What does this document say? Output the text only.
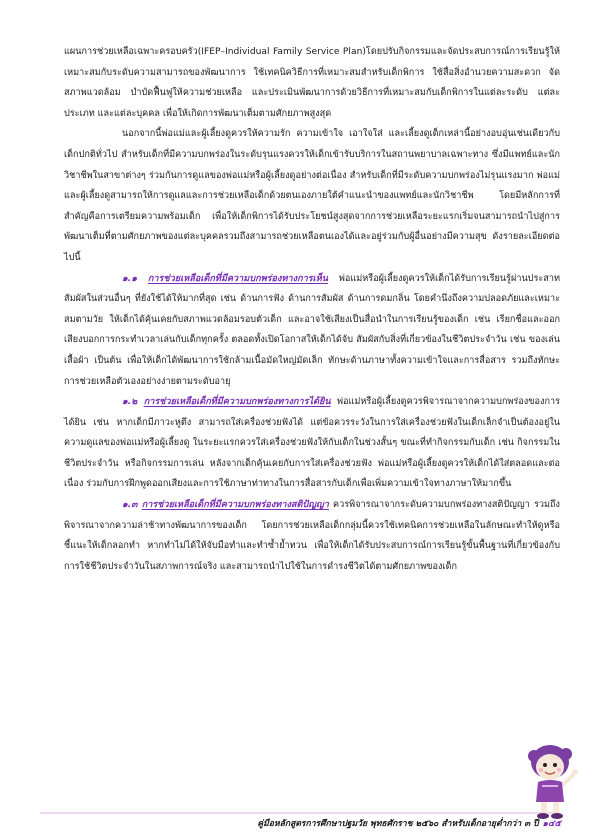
แผนการช่วยเหลือเฉพาะครอบครัว(IFEP–Individual Family Service Plan)โดยปรับกิจกรรมและจัดประสบการณ์การเรียนรู้ให้เหมาะสมกับระดับความสามารถของพัฒนาการ ใช้เทคนิควิธีการที่เหมาะสมสำหรับเด็กพิการ ใช้สื่อสิ่งอำนวยความสะดวก จัดสภาพแวดล้อม บำบัดฟื้นฟูให้ความช่วยเหลือ และประเมินพัฒนาการด้วยวิธีการที่เหมาะสมกับเด็กพิการในแต่ละระดับ แต่ละประเภท และแต่ละบุคคล เพื่อให้เกิดการพัฒนาเต็มตามศักยภาพสูงสุด

นอกจากนี้พ่อแม่และผู้เลี้ยงดูควรให้ความรัก ความเข้าใจ เอาใจใส่ และเลี้ยงดูเด็กเหล่านี้อย่างอบอุ่นเช่นเดียวกับเด็กปกติทั่วไป สำหรับเด็กที่มีความบกพร่องในระดับรุนแรงควรให้เด็กเข้ารับบริการในสถานพยาบาลเฉพาะทาง ซึ่งมีแพทย์และนักวิชาชีพในสาขาต่างๆ ร่วมกันการดูแลของพ่อแม่หรือผู้เลี้ยงดูอย่างต่อเนื่อง สำหรับเด็กที่มีระดับความบกพร่องไม่รุนแรงมาก พ่อแม่และผู้เลี้ยงดูสามารถให้การดูแลและการช่วยเหลือเด็กด้วยตนเองภายใต้คำแนะนำของแพทย์และนักวิชาชีพ โดยมีหลักการที่สำคัญคือการเตรียมความพร้อมเด็ก เพื่อให้เด็กพิการได้รับประโยชน์สูงสุดจากการช่วยเหลือระยะแรกเริ่มจนสามารถนำไปสู่การพัฒนาเต็มที่ตามศักยภาพของแต่ละบุคคลรวมถึงสามารถช่วยเหลือตนเองได้และอยู่ร่วมกับผู้อื่นอย่างมีความสุข ดังรายละเอียดต่อไปนี้

๑.๑ การช่วยเหลือเด็กที่มีความบกพร่องทางการเห็น พ่อแม่หรือผู้เลี้ยงดูควรให้เด็กได้รับการเรียนรู้ผ่านประสาทสัมผัสในส่วนอื่นๆ ที่ยังใช้ได้ให้มากที่สุด เช่น ด้านการฟัง ด้านการสัมผัส ด้านการดมกลิ่น โดยคำนึงถึงความปลอดภัยและเหมาะสมตามวัย ให้เด็กได้คุ้นเคยกับสภาพแวดล้อมรอบตัวเด็ก และอาจใช้เสียงเป็นสื่อนำในการเรียนรู้ของเด็ก เช่น เรียกชื่อและออกเสียงบอกการกระทำเวลาเล่นกับเด็กทุกครั้ง ตลอดทั้งเปิดโอกาสให้เด็กได้จับ สัมผัสกับสิ่งที่เกี่ยวข้องในชีวิตประจำวัน เช่น ของเล่น เสื้อผ้า เป็นต้น เพื่อให้เด็กได้พัฒนาการใช้กล้ามเนื้อมัดใหญ่มัดเล็ก ทักษะด้านภาษาทั้งความเข้าใจและการสื่อสาร รวมถึงทักษะการช่วยเหลือตัวเองอย่างง่ายตามระดับอายุ

๑.๒ การช่วยเหลือเด็กที่มีความบกพร่องทางการได้ยิน พ่อแม่หรือผู้เลี้ยงดูควรพิจารณาจากความบกพร่องของการได้ยิน เช่น หากเด็กมีภาวะหูตึง สามารถใส่เครื่องช่วยฟังได้ แต่ข้อควรระวังในการใส่เครื่องช่วยฟังในเด็กเล็กจำเป็นต้องอยู่ในความดูแลของพ่อแม่หรือผู้เลี้ยงดู ในระยะแรกควรใส่เครื่องช่วยฟังให้กับเด็กในช่วงสั้นๆ ขณะที่ทำกิจกรรมกับเด็ก เช่น กิจกรรมในชีวิตประจำวัน หรือกิจกรรมการเล่น หลังจากเด็กคุ้นเคยกับการใส่เครื่องช่วยฟัง พ่อแม่หรือผู้เลี้ยงดูควรให้เด็กได้ใส่ตลอดและต่อเนื่อง ร่วมกับการฝึกพูดออกเสียงและการใช้ภาษาท่าทางในการสื่อสารกับเด็กเพื่อเพิ่มความเข้าใจทางภาษาให้มากขึ้น

๑.๓ การช่วยเหลือเด็กที่มีความบกพร่องทางสติปัญญา ควรพิจารณาจากระดับความบกพร่องทางสติปัญญา รวมถึงพิจารณาจากความล่าช้าทางพัฒนาการของเด็ก โดยการช่วยเหลือเด็กกลุ่มนี้ควรใช้เทคนิคการช่วยเหลือในลักษณะทำให้ดูหรือชี้แนะให้เด็กลอกทำ หากทำไม่ได้ให้จับมือทำและทำซ้ำย้ำทวน เพื่อให้เด็กได้รับประสบการณ์การเรียนรู้ขั้นพื้นฐานที่เกี่ยวข้องกับการใช้ชีวิตประจำวันในสภาพการณ์จริง และสามารถนำไปใช้ในการดำรงชีวิตได้ตามศักยภาพของเด็ก

คู่มือหลักสูตรการศึกษาปฐมวัย พุทธศักราช ๒๕๖๐ สำหรับเด็กอายุต่ำกว่า ๓ ปี ๑๔๕
